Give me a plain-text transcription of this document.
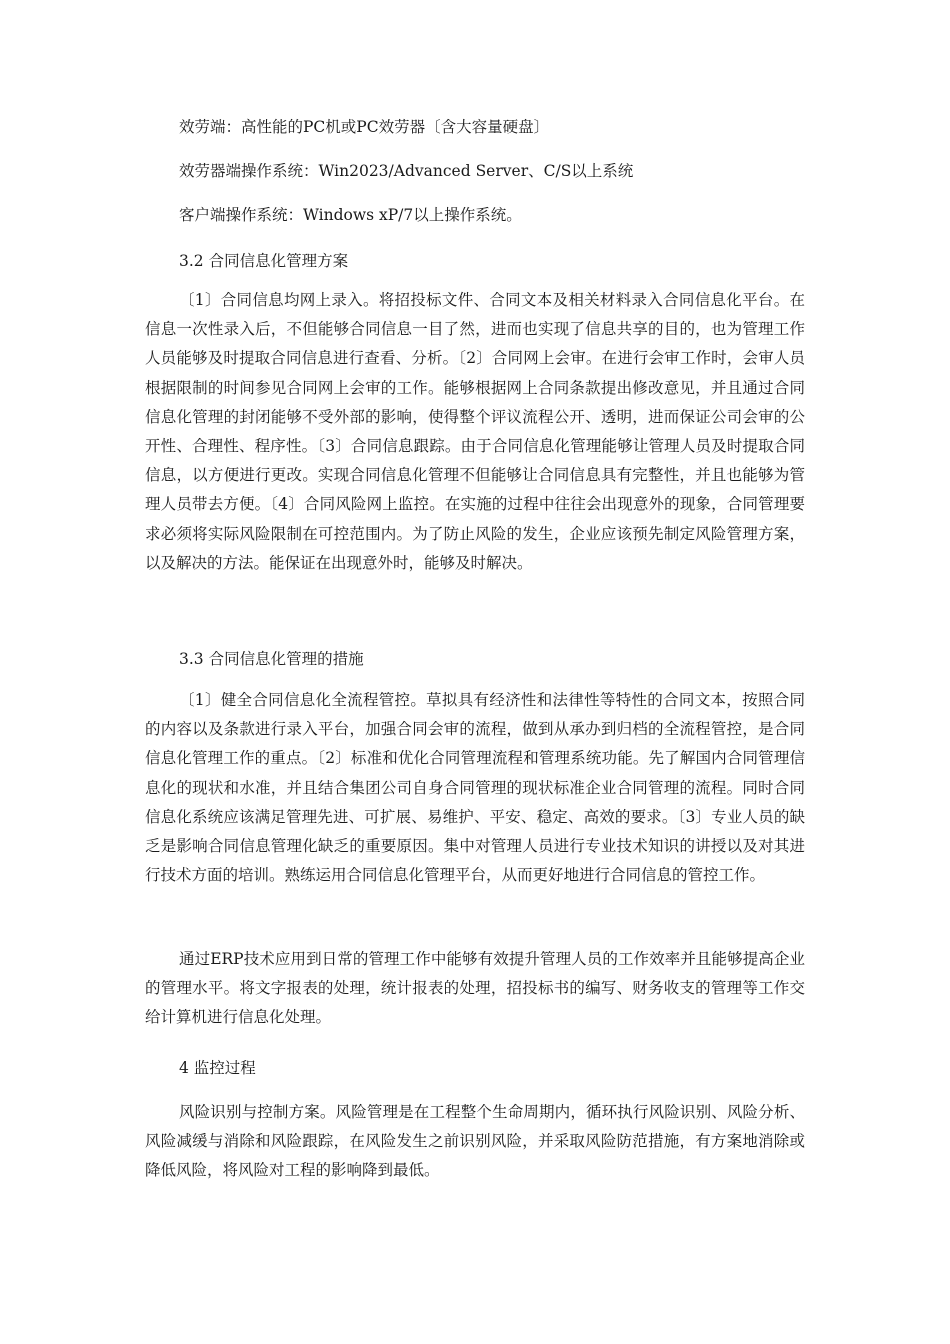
效劳端：高性能的PC机或PC效劳器〔含大容量硬盘〕
效劳器端操作系统：Win2023/Advanced Server、C/S以上系统
客户端操作系统：Windows xP/7以上操作系统。
3.2 合同信息化管理方案

〔1〕合同信息均网上录入。将招投标文件、合同文本及相关材料录入合同信息化平台。在信息一次性录入后，不但能够合同信息一目了然，进而也实现了信息共享的目的，也为管理工作人员能够及时提取合同信息进行查看、分析。〔2〕合同网上会审。在进行会审工作时，会审人员根据限制的时间参见合同网上会审的工作。能够根据网上合同条款提出修改意见，并且通过合同信息化管理的封闭能够不受外部的影响，使得整个评议流程公开、透明，进而保证公司会审的公开性、合理性、程序性。〔3〕合同信息跟踪。由于合同信息化管理能够让管理人员及时提取合同信息，以方便进行更改。实现合同信息化管理不但能够让合同信息具有完整性，并且也能够为管理人员带去方便。〔4〕合同风险网上监控。在实施的过程中往往会出现意外的现象，合同管理要求必须将实际风险限制在可控范围内。为了防止风险的发生，企业应该预先制定风险管理方案，以及解决的方法。能保证在出现意外时，能够及时解决。

3.3 合同信息化管理的措施

〔1〕健全合同信息化全流程管控。草拟具有经济性和法律性等特性的合同文本，按照合同的内容以及条款进行录入平台，加强合同会审的流程，做到从承办到归档的全流程管控，是合同信息化管理工作的重点。〔2〕标准和优化合同管理流程和管理系统功能。先了解国内合同管理信息化的现状和水准，并且结合集团公司自身合同管理的现状标准企业合同管理的流程。同时合同信息化系统应该满足管理先进、可扩展、易维护、平安、稳定、高效的要求。〔3〕专业人员的缺乏是影响合同信息管理化缺乏的重要原因。集中对管理人员进行专业技术知识的讲授以及对其进行技术方面的培训。熟练运用合同信息化管理平台，从而更好地进行合同信息的管控工作。

通过ERP技术应用到日常的管理工作中能够有效提升管理人员的工作效率并且能够提高企业的管理水平。将文字报表的处理，统计报表的处理，招投标书的编写、财务收支的管理等工作交给计算机进行信息化处理。

4 监控过程

风险识别与控制方案。风险管理是在工程整个生命周期内，循环执行风险识别、风险分析、风险减缓与消除和风险跟踪，在风险发生之前识别风险，并采取风险防范措施，有方案地消除或降低风险，将风险对工程的影响降到最低。
